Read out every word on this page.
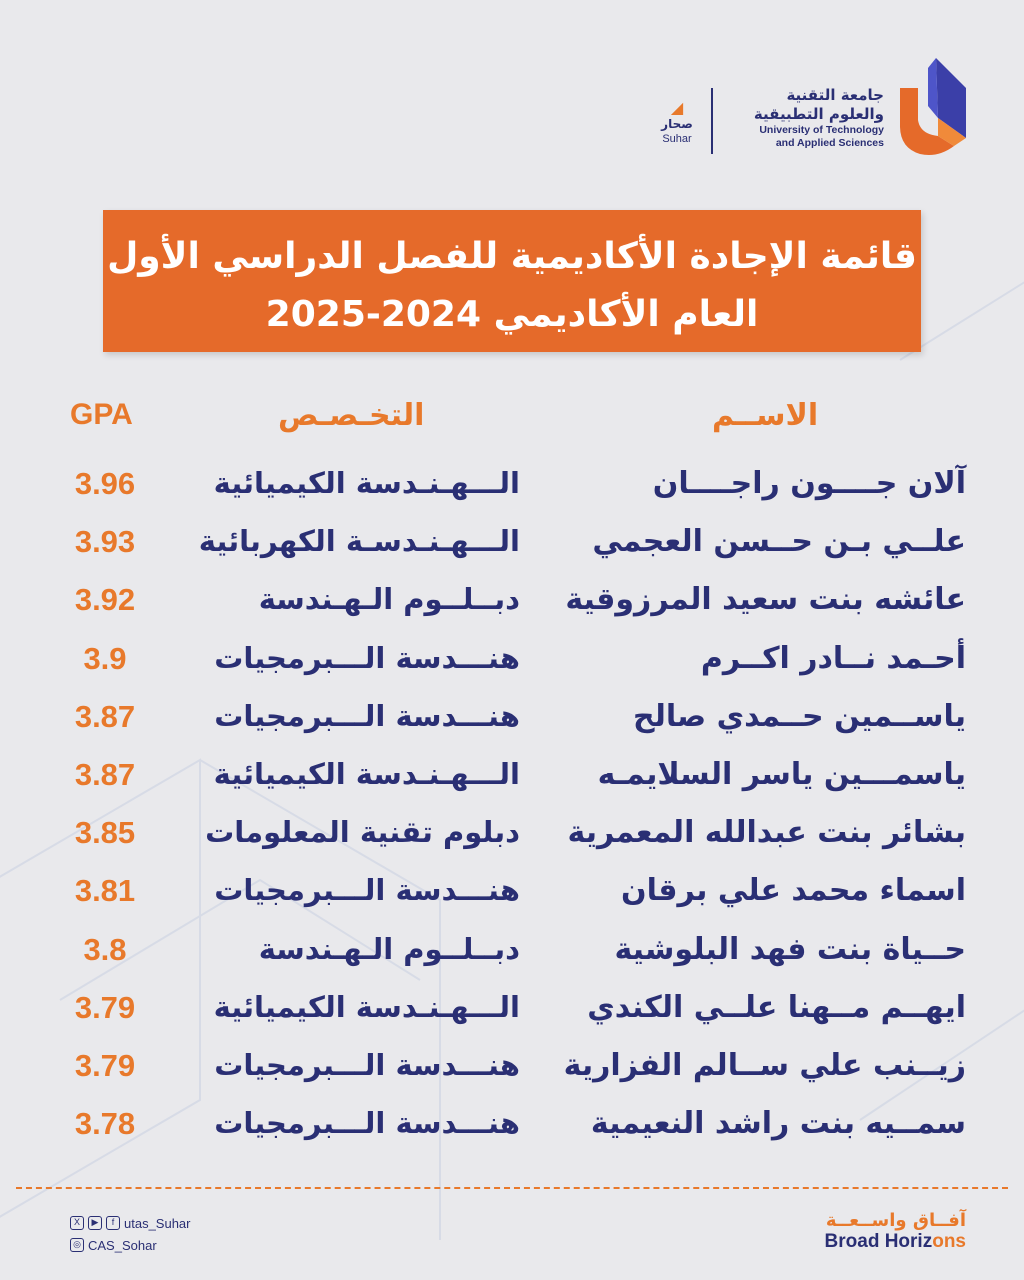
جامعة التقنية
والعلوم التطبيقية
University of Technology
and Applied Sciences
◢
صحار
Suhar
قائمة الإجادة الأكاديمية للفصل الدراسي الأول
العام الأكاديمي 2024-2025
الاســم
التخـصـص
GPA
آلان جــــون راجــــان
الـــهـنـدسة الكيميائية
3.96
علــي بـن حــسن العجمي
الـــهـنـدسـة الكهربائية
3.93
عائشه بنت سعيد المرزوقية
دبــلــوم الـهـندسة
3.92
أحـمد نــادر اكــرم
هنـــدسة الـــبرمجيات
3.9
ياســمين حــمدي صالح
هنـــدسة الـــبرمجيات
3.87
ياسمـــين ياسر السلايمـه
الـــهـنـدسة الكيميائية
3.87
بشائر بنت عبدالله المعمرية
دبلوم تقنية المعلومات
3.85
اسماء محمد علي برقان
هنـــدسة الـــبرمجيات
3.81
حــياة بنت فهد البلوشية
دبــلــوم الـهـندسة
3.8
ايهــم مــهنا علــي الكندي
الـــهـنـدسة الكيميائية
3.79
زيــنب علي ســالم الفزارية
هنـــدسة الـــبرمجيات
3.79
سمــيه بنت راشد النعيمية
هنـــدسة الـــبرمجيات
3.78
X	▶	f utas_Suhar
◎ CAS_Sohar
آفــاق واســعــة
Broad Horizons
